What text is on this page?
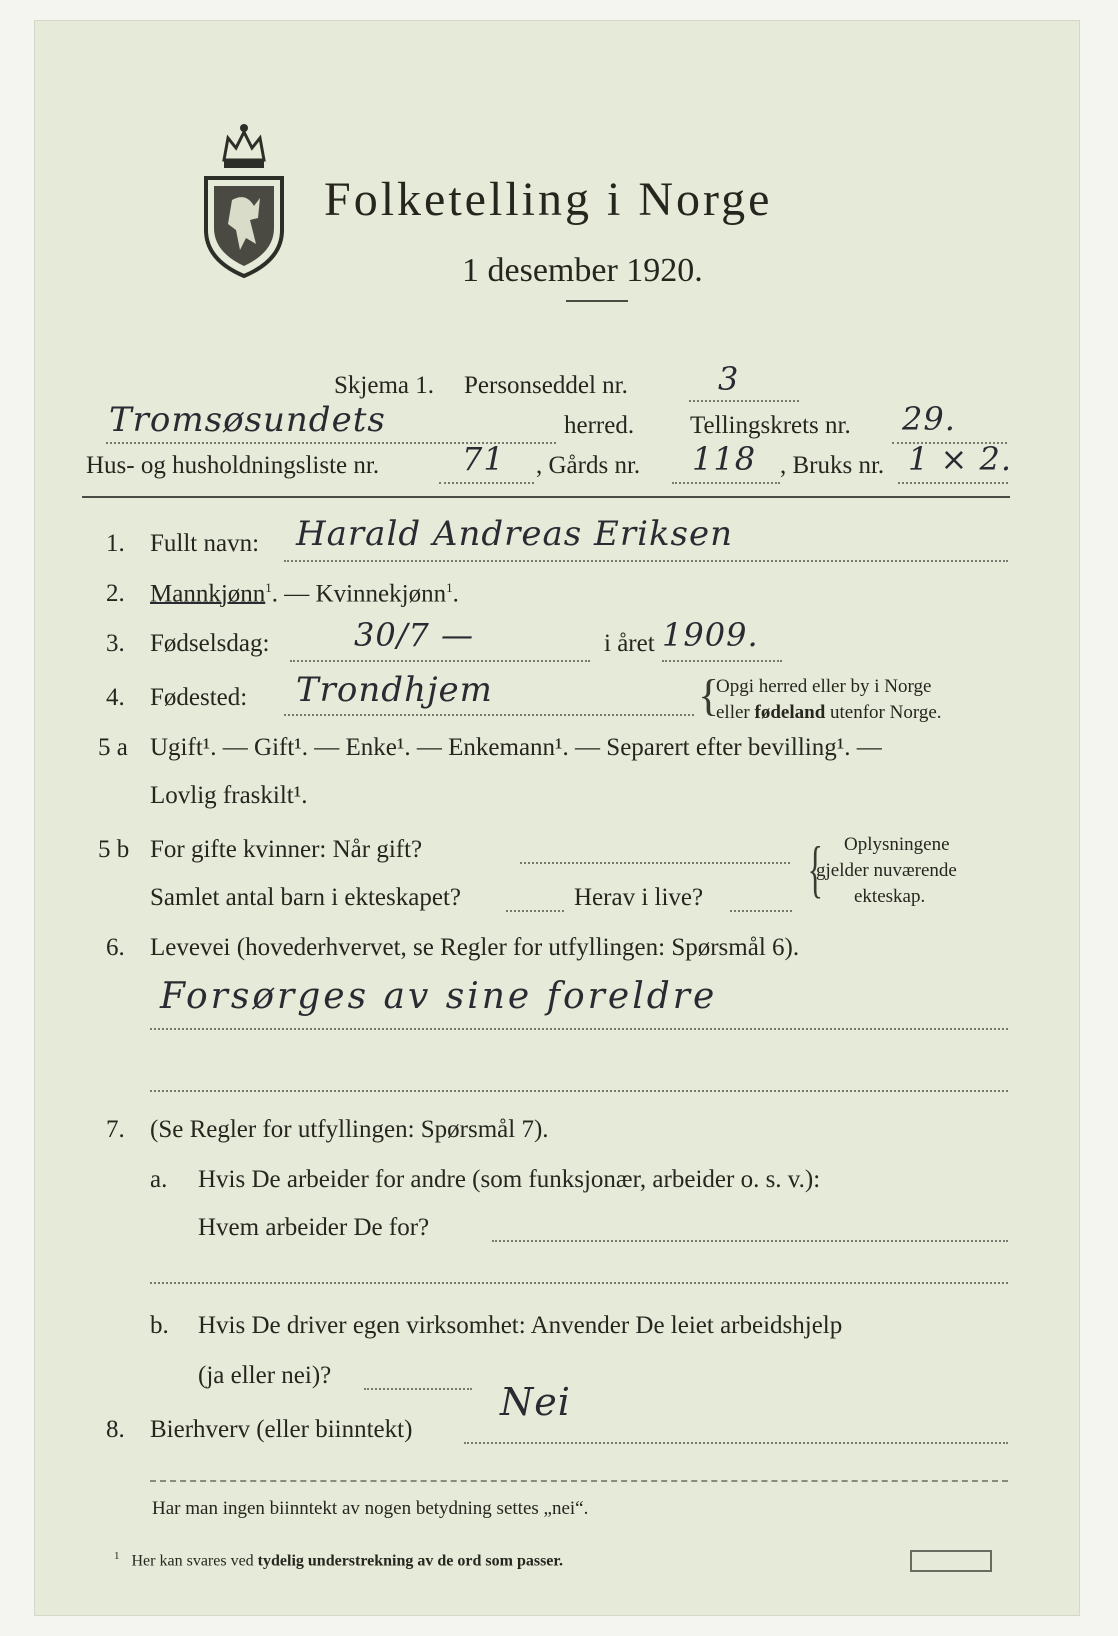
Folketelling i Norge
1 desember 1920.
Skjema 1. Personseddel nr.	3
Tromsøsundets	herred. Tellingskrets nr. 29.
Hus- og husholdningsliste nr.	71 , Gårds nr. 118 , Bruks nr. 1 × 2.
1. Fullt navn: Harald Andreas Eriksen
2. Mannkjønn$^1$. — Kvinnekjønn$^1$.
3. Fødselsdag:	30/7 —	i året 1909.
4. Fødested: Trondhjem	{
Opgi herred eller by i Norge
eller fødeland utenfor Norge.
5 a Ugift¹. — Gift¹. — Enke¹. — Enkemann¹. — Separert efter bevilling¹. —
Lovlig fraskilt¹.
5 b For gifte kvinner: Når gift?
Samlet antal barn i ekteskapet?	Herav i live? { Oplysningene
gjelder nuværende
ekteskap.
6. Levevei (hovederhvervet, se Regler for utfyllingen: Spørsmål 6).
Forsørges av sine foreldre
7. (Se Regler for utfyllingen: Spørsmål 7).
a. Hvis De arbeider for andre (som funksjonær, arbeider o. s. v.):
Hvem arbeider De for?
b. Hvis De driver egen virksomhet: Anvender De leiet arbeidshjelp
(ja eller nei)?
8. Bierhverv (eller biinntekt)
Nei
Har man ingen biinntekt av nogen betydning settes „nei“.
$^1$ Her kan svares ved tydelig understrekning av de ord som passer.
